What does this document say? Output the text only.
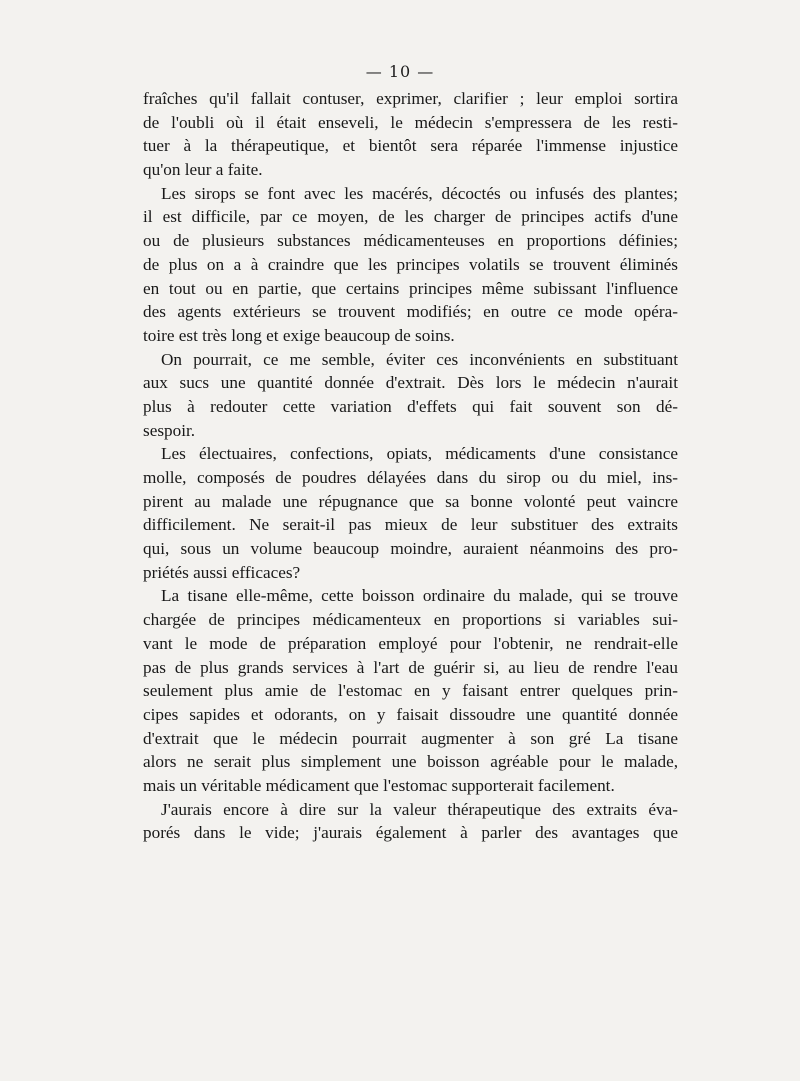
— 10 —
fraîches qu'il fallait contuser, exprimer, clarifier ; leur emploi sortira
de l'oubli où il était enseveli, le médecin s'empressera de les resti-
tuer à la thérapeutique, et bientôt sera réparée l'immense injustice
qu'on leur a faite.
Les sirops se font avec les macérés, décoctés ou infusés des plantes;
il est difficile, par ce moyen, de les charger de principes actifs d'une
ou de plusieurs substances médicamenteuses en proportions définies;
de plus on a à craindre que les principes volatils se trouvent éliminés
en tout ou en partie, que certains principes même subissant l'influence
des agents extérieurs se trouvent modifiés; en outre ce mode opéra-
toire est très long et exige beaucoup de soins.
On pourrait, ce me semble, éviter ces inconvénients en substituant
aux sucs une quantité donnée d'extrait. Dès lors le médecin n'aurait
plus à redouter cette variation d'effets qui fait souvent son dé-
sespoir.
Les électuaires, confections, opiats, médicaments d'une consistance
molle, composés de poudres délayées dans du sirop ou du miel, ins-
pirent au malade une répugnance que sa bonne volonté peut vaincre
difficilement. Ne serait-il pas mieux de leur substituer des extraits
qui, sous un volume beaucoup moindre, auraient néanmoins des pro-
priétés aussi efficaces?
La tisane elle-même, cette boisson ordinaire du malade, qui se trouve
chargée de principes médicamenteux en proportions si variables sui-
vant le mode de préparation employé pour l'obtenir, ne rendrait-elle
pas de plus grands services à l'art de guérir si, au lieu de rendre l'eau
seulement plus amie de l'estomac en y faisant entrer quelques prin-
cipes sapides et odorants, on y faisait dissoudre une quantité donnée
d'extrait que le médecin pourrait augmenter à son gré La tisane
alors ne serait plus simplement une boisson agréable pour le malade,
mais un véritable médicament que l'estomac supporterait facilement.
J'aurais encore à dire sur la valeur thérapeutique des extraits éva-
porés dans le vide; j'aurais également à parler des avantages que
